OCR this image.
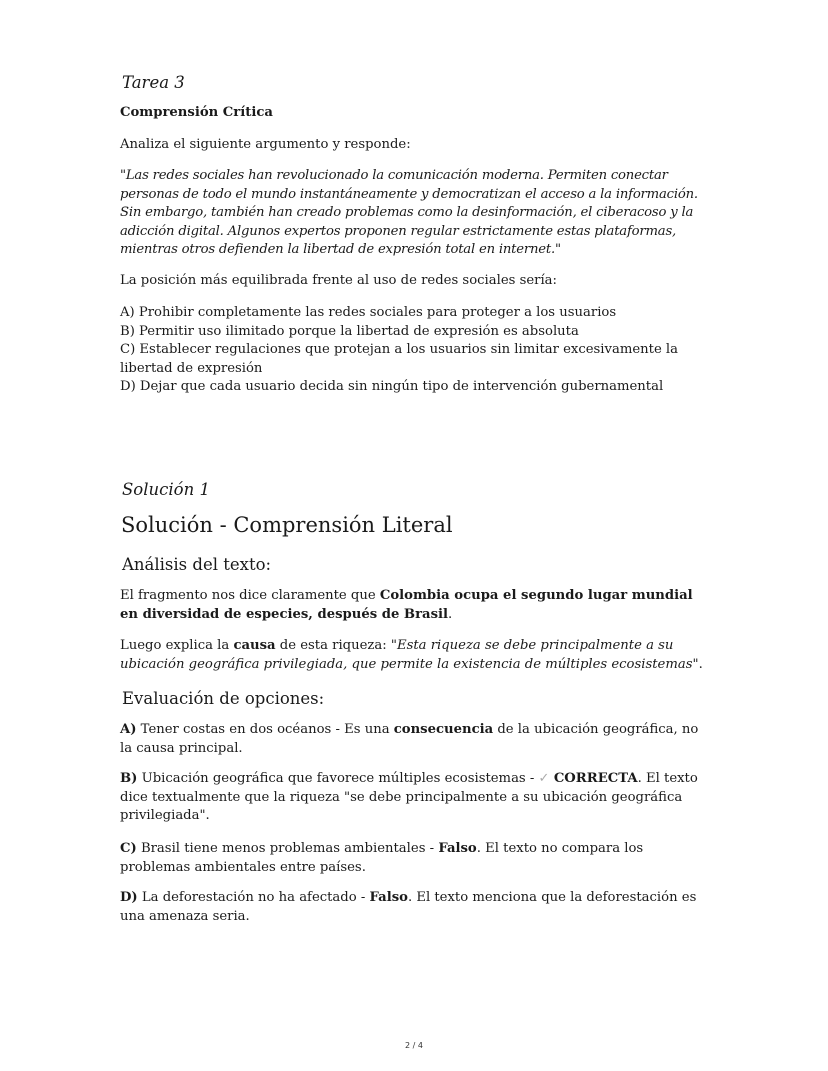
Tarea 3
Comprensión Crítica
Analiza el siguiente argumento y responde:
"Las redes sociales han revolucionado la comunicación moderna. Permiten conectar personas de todo el mundo instantáneamente y democratizan el acceso a la información. Sin embargo, también han creado problemas como la desinformación, el ciberacoso y la adicción digital. Algunos expertos proponen regular estrictamente estas plataformas, mientras otros defienden la libertad de expresión total en internet."
La posición más equilibrada frente al uso de redes sociales sería:

A) Prohibir completamente las redes sociales para proteger a los usuarios

B) Permitir uso ilimitado porque la libertad de expresión es absoluta

C) Establecer regulaciones que protejan a los usuarios sin limitar excesivamente la libertad de expresión

D) Dejar que cada usuario decida sin ningún tipo de intervención gubernamental

Solución 1
Solución - Comprensión Literal
Análisis del texto:
El fragmento nos dice claramente que Colombia ocupa el segundo lugar mundial en diversidad de especies, después de Brasil.
Luego explica la causa de esta riqueza: "Esta riqueza se debe principalmente a su ubicación geográfica privilegiada, que permite la existencia de múltiples ecosistemas".
Evaluación de opciones:
A) Tener costas en dos océanos - Es una consecuencia de la ubicación geográfica, no la causa principal.
B) Ubicación geográfica que favorece múltiples ecosistemas - ✓ CORRECTA. El texto dice textualmente que la riqueza "se debe principalmente a su ubicación geográfica privilegiada".
C) Brasil tiene menos problemas ambientales - Falso. El texto no compara los problemas ambientales entre países.
D) La deforestación no ha afectado - Falso. El texto menciona que la deforestación es una amenaza seria.
2 / 4
